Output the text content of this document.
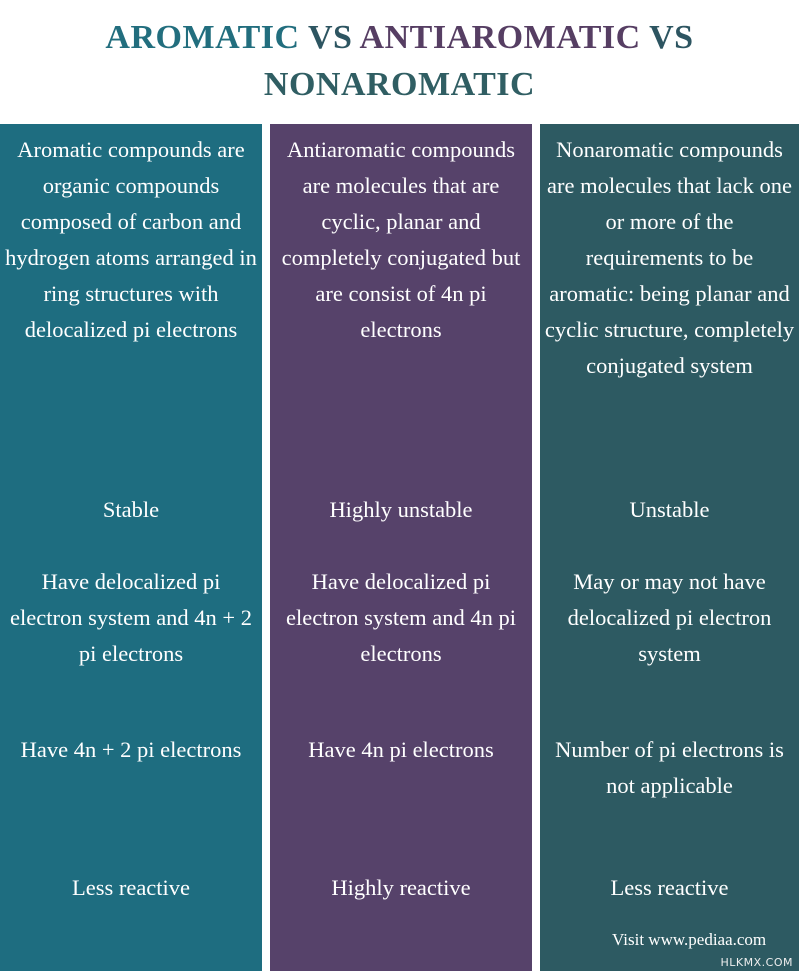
AROMATIC VS ANTIAROMATIC VS
NONAROMATIC
Aromatic compounds are organic compounds composed of carbon and hydrogen atoms arranged in ring structures with delocalized pi electrons
Stable
Have delocalized pi electron system and 4n + 2 pi electrons
Have 4n + 2 pi electrons
Less reactive
Antiaromatic compounds are molecules that are cyclic, planar and completely conjugated but are consist of 4n pi electrons
Highly unstable
Have delocalized pi electron system and 4n pi electrons
Have 4n pi electrons
Highly reactive
Nonaromatic compounds are molecules that lack one or more of the requirements to be aromatic: being planar and cyclic structure, completely conjugated system
Unstable
May or may not have delocalized pi electron system
Number of pi electrons is not applicable
Less reactive
Visit www.pediaa.com
HLKMX.COM
